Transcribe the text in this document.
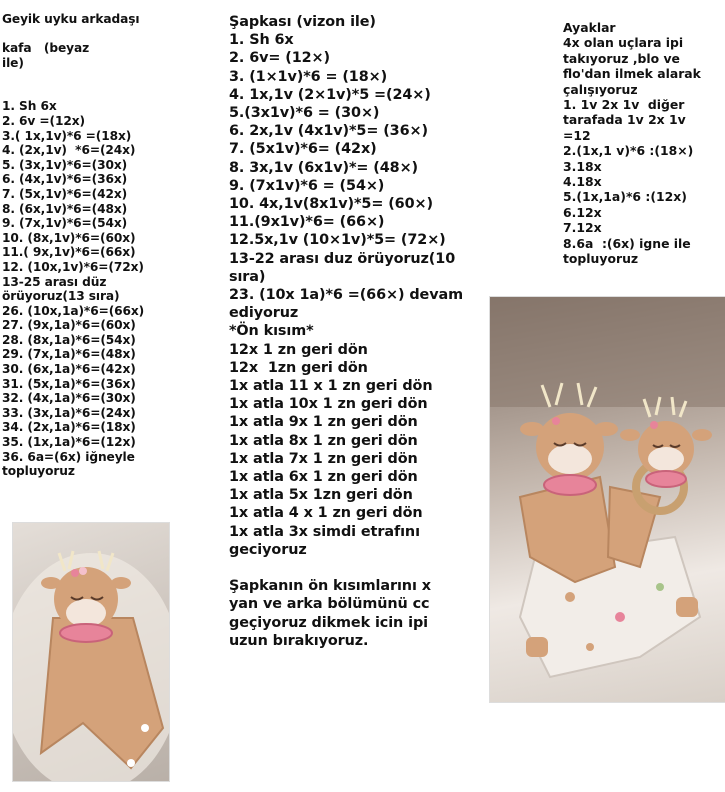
Geyik uyku arkadaşı
kafa   (beyaz
ile)
1. Sh 6x
2. 6v =(12x)
3.( 1x,1v)*6 =(18x)
4. (2x,1v)  *6=(24x)
5. (3x,1v)*6=(30x)
6. (4x,1v)*6=(36x)
7. (5x,1v)*6=(42x)
8. (6x,1v)*6=(48x)
9. (7x,1v)*6=(54x)
10. (8x,1v)*6=(60x)
11.( 9x,1v)*6=(66x)
12. (10x,1v)*6=(72x)
13-25 arası düz
örüyoruz(13 sıra)
26. (10x,1a)*6=(66x)
27. (9x,1a)*6=(60x)
28. (8x,1a)*6=(54x)
29. (7x,1a)*6=(48x)
30. (6x,1a)*6=(42x)
31. (5x,1a)*6=(36x)
32. (4x,1a)*6=(30x)
33. (3x,1a)*6=(24x)
34. (2x,1a)*6=(18x)
35. (1x,1a)*6=(12x)
36. 6a=(6x) iğneyle
topluyoruz
Şapkası (vizon ile)
1. Sh 6x
2. 6v= (12×)
3. (1×1v)*6 = (18×)
4. 1x,1v (2×1v)*5 =(24×)
5.(3x1v)*6 = (30×)
6. 2x,1v (4x1v)*5= (36×)
7. (5x1v)*6= (42x)
8. 3x,1v (6x1v)*= (48×)
9. (7x1v)*6 = (54×)
10. 4x,1v(8x1v)*5= (60×)
11.(9x1v)*6= (66×)
12.5x,1v (10×1v)*5= (72×)
13-22 arası duz örüyoruz(10
sıra)
23. (10x 1a)*6 =(66×) devam
ediyoruz
*Ön kısım*
12x 1 zn geri dön
12x  1zn geri dön
1x atla 11 x 1 zn geri dön
1x atla 10x 1 zn geri dön
1x atla 9x 1 zn geri dön
1x atla 8x 1 zn geri dön
1x atla 7x 1 zn geri dön
1x atla 6x 1 zn geri dön
1x atla 5x 1zn geri dön
1x atla 4 x 1 zn geri dön
1x atla 3x simdi etrafını
geciyoruz
Şapkanın ön kısımlarını x
yan ve arka bölümünü cc
geçiyoruz dikmek icin ipi
uzun bırakıyoruz.
Ayaklar
4x olan uçlara ipi
takıyoruz ,blo ve
flo'dan ilmek alarak
çalışıyoruz
1. 1v 2x 1v  diğer
tarafada 1v 2x 1v
=12
2.(1x,1 v)*6 :(18×)
3.18x
4.18x
5.(1x,1a)*6 :(12x)
6.12x
7.12x
8.6a  :(6x) igne ile
topluyoruz
